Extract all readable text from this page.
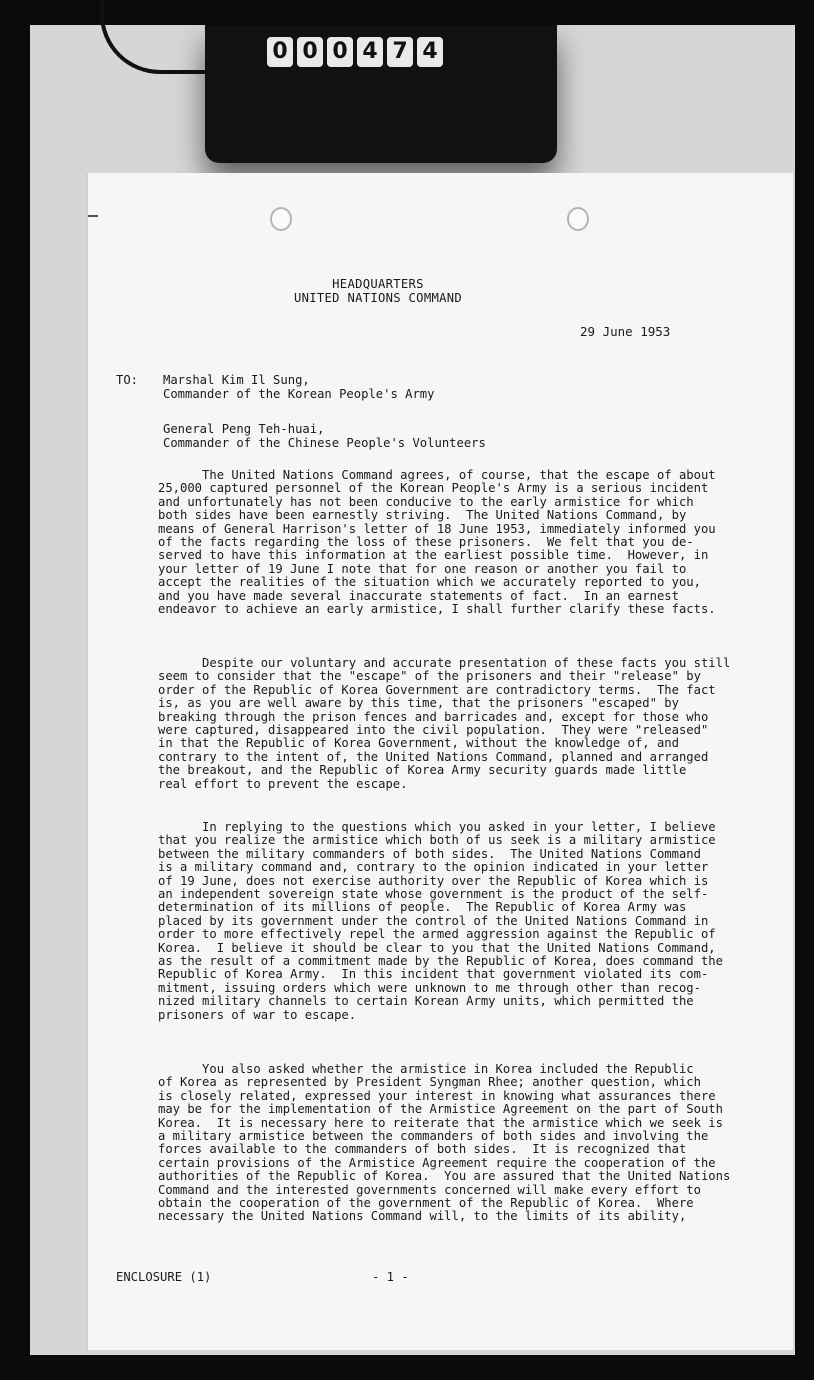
0 0 0 4 7 4
HEADQUARTERS
UNITED NATIONS COMMAND
29 June 1953
TO: Marshal Kim Il Sung,
Commander of the Korean People's Army
General Peng Teh-huai,
Commander of the Chinese People's Volunteers

The United Nations Command agrees, of course, that the escape of about
25,000 captured personnel of the Korean People's Army is a serious incident
and unfortunately has not been conducive to the early armistice for which
both sides have been earnestly striving.  The United Nations Command, by
means of General Harrison's letter of 18 June 1953, immediately informed you
of the facts regarding the loss of these prisoners.  We felt that you de-
served to have this information at the earliest possible time.  However, in
your letter of 19 June I note that for one reason or another you fail to
accept the realities of the situation which we accurately reported to you,
and you have made several inaccurate statements of fact.  In an earnest
endeavor to achieve an early armistice, I shall further clarify these facts.

Despite our voluntary and accurate presentation of these facts you still
seem to consider that the "escape" of the prisoners and their "release" by
order of the Republic of Korea Government are contradictory terms.  The fact
is, as you are well aware by this time, that the prisoners "escaped" by
breaking through the prison fences and barricades and, except for those who
were captured, disappeared into the civil population.  They were "released"
in that the Republic of Korea Government, without the knowledge of, and
contrary to the intent of, the United Nations Command, planned and arranged
the breakout, and the Republic of Korea Army security guards made little
real effort to prevent the escape.

In replying to the questions which you asked in your letter, I believe
that you realize the armistice which both of us seek is a military armistice
between the military commanders of both sides.  The United Nations Command
is a military command and, contrary to the opinion indicated in your letter
of 19 June, does not exercise authority over the Republic of Korea which is
an independent sovereign state whose government is the product of the self-
determination of its millions of people.  The Republic of Korea Army was
placed by its government under the control of the United Nations Command in
order to more effectively repel the armed aggression against the Republic of
Korea.  I believe it should be clear to you that the United Nations Command,
as the result of a commitment made by the Republic of Korea, does command the
Republic of Korea Army.  In this incident that government violated its com-
mitment, issuing orders which were unknown to me through other than recog-
nized military channels to certain Korean Army units, which permitted the
prisoners of war to escape.

You also asked whether the armistice in Korea included the Republic
of Korea as represented by President Syngman Rhee; another question, which
is closely related, expressed your interest in knowing what assurances there
may be for the implementation of the Armistice Agreement on the part of South
Korea.  It is necessary here to reiterate that the armistice which we seek is
a military armistice between the commanders of both sides and involving the
forces available to the commanders of both sides.  It is recognized that
certain provisions of the Armistice Agreement require the cooperation of the
authorities of the Republic of Korea.  You are assured that the United Nations
Command and the interested governments concerned will make every effort to
obtain the cooperation of the government of the Republic of Korea.  Where
necessary the United Nations Command will, to the limits of its ability,

ENCLOSURE (1)	- 1 -
